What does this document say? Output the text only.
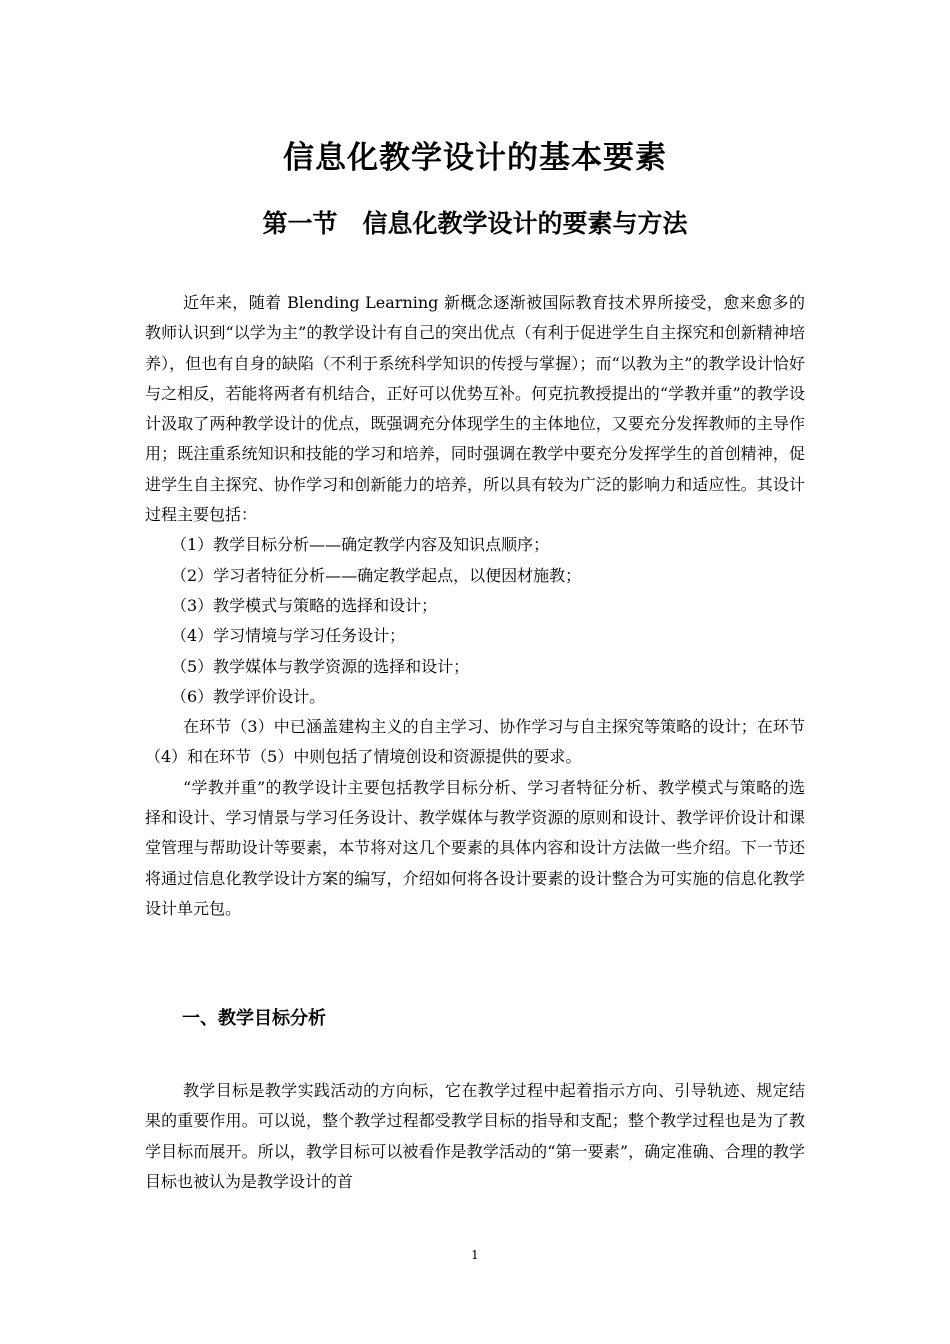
信息化教学设计的基本要素
第一节　信息化教学设计的要素与方法

近年来，随着 Blending Learning 新概念逐渐被国际教育技术界所接受，愈来愈多的教师认识到“以学为主”的教学设计有自己的突出优点（有利于促进学生自主探究和创新精神培养），但也有自身的缺陷（不利于系统科学知识的传授与掌握）；而“以教为主”的教学设计恰好与之相反，若能将两者有机结合，正好可以优势互补。何克抗教授提出的“学教并重”的教学设计汲取了两种教学设计的优点，既强调充分体现学生的主体地位，又要充分发挥教师的主导作用；既注重系统知识和技能的学习和培养，同时强调在教学中要充分发挥学生的首创精神，促进学生自主探究、协作学习和创新能力的培养，所以具有较为广泛的影响力和适应性。其设计过程主要包括：

（1）教学目标分析——确定教学内容及知识点顺序；

（2）学习者特征分析——确定教学起点，以便因材施教；

（3）教学模式与策略的选择和设计；

（4）学习情境与学习任务设计；

（5）教学媒体与教学资源的选择和设计；

（6）教学评价设计。

在环节（3）中已涵盖建构主义的自主学习、协作学习与自主探究等策略的设计；在环节（4）和在环节（5）中则包括了情境创设和资源提供的要求。

“学教并重”的教学设计主要包括教学目标分析、学习者特征分析、教学模式与策略的选择和设计、学习情景与学习任务设计、教学媒体与教学资源的原则和设计、教学评价设计和课堂管理与帮助设计等要素，本节将对这几个要素的具体内容和设计方法做一些介绍。下一节还将通过信息化教学设计方案的编写，介绍如何将各设计要素的设计整合为可实施的信息化教学设计单元包。

一、教学目标分析

教学目标是教学实践活动的方向标，它在教学过程中起着指示方向、引导轨迹、规定结果的重要作用。可以说，整个教学过程都受教学目标的指导和支配；整个教学过程也是为了教学目标而展开。所以，教学目标可以被看作是教学活动的“第一要素”，确定准确、合理的教学目标也被认为是教学设计的首

1
